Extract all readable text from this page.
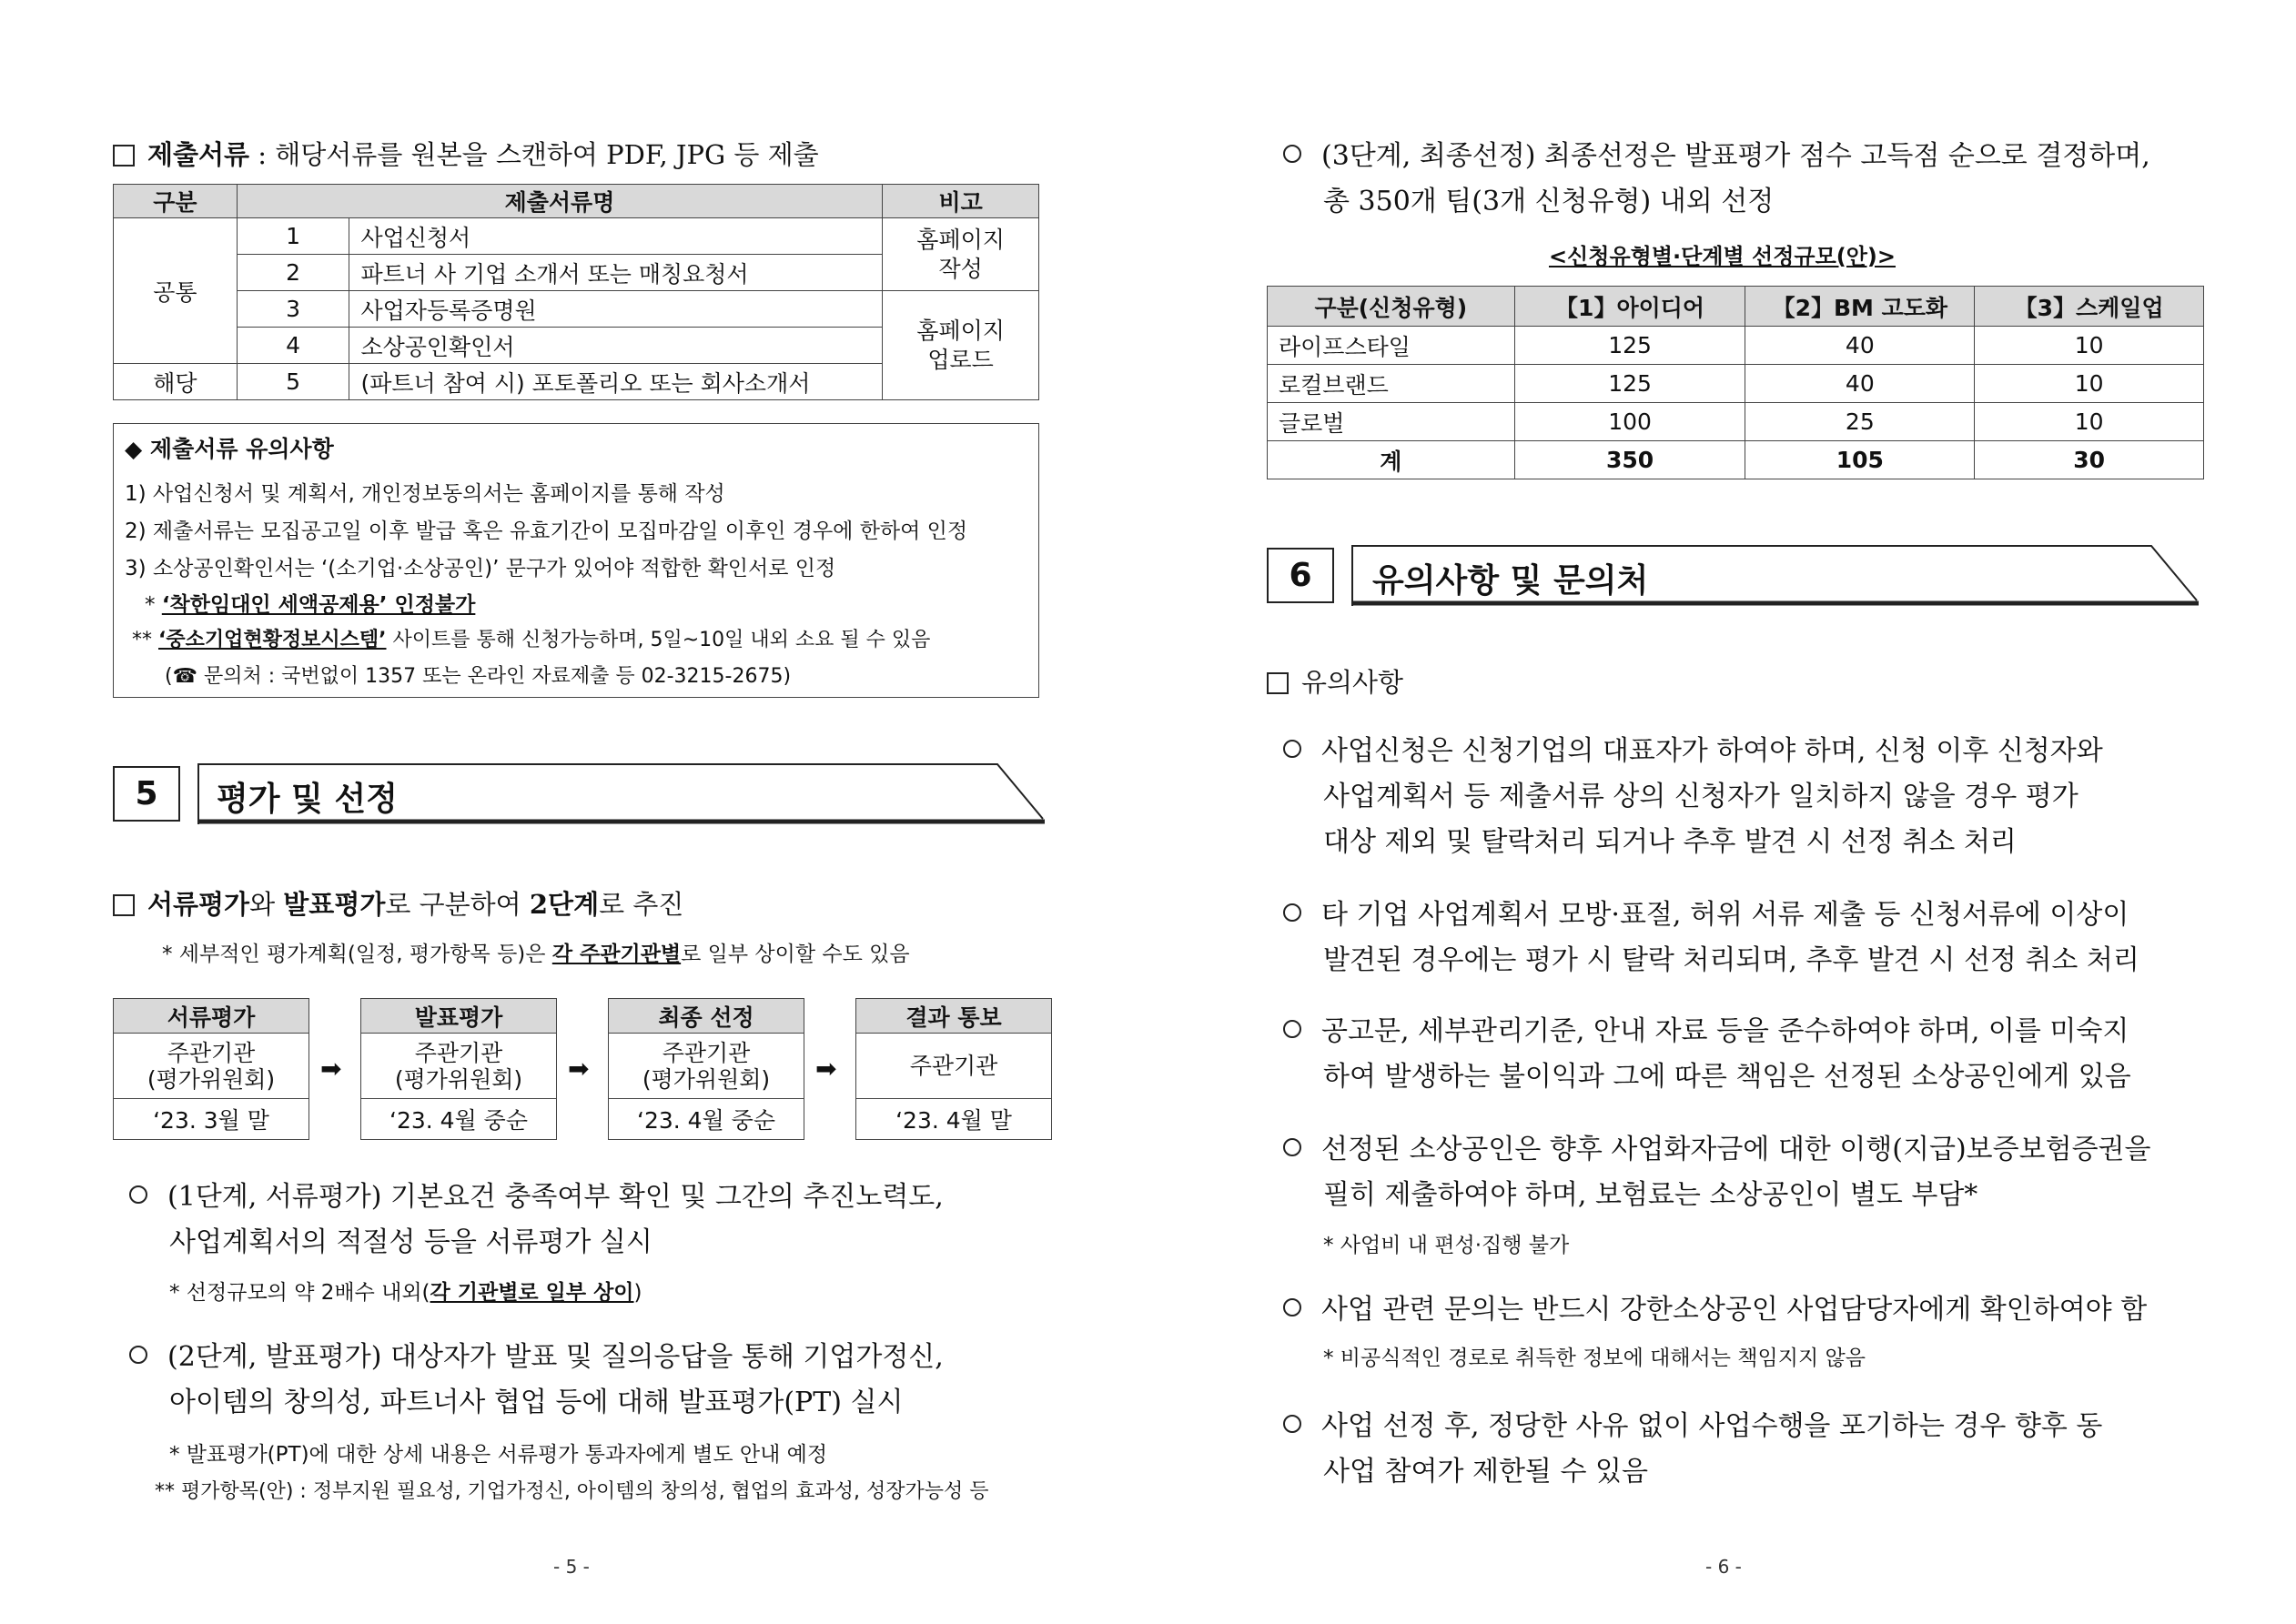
제출서류 : 해당서류를 원본을 스캔하여 PDF, JPG 등 제출
구분	제출서류명		비고
공통	1	사업신청서	홈페이지
작성
	2	파트너 사 기업 소개서 또는 매칭요청서	
	3	사업자등록증명원	홈페이지
업로드
	4	소상공인확인서	
해당	5	(파트너 참여 시) 포토폴리오 또는 회사소개서	
◆ 제출서류 유의사항
1) 사업신청서 및 계획서, 개인정보동의서는 홈페이지를 통해 작성
2) 제출서류는 모집공고일 이후 발급 혹은 유효기간이 모집마감일 이후인 경우에 한하여 인정
3) 소상공인확인서는 ‘(소기업·소상공인)’ 문구가 있어야 적합한 확인서로 인정
* ‘착한임대인 세액공제용’ 인정불가
** ‘중소기업현황정보시스템’ 사이트를 통해 신청가능하며, 5일~10일 내외 소요 될 수 있음
(☎ 문의처 : 국번없이 1357 또는 온라인 자료제출 등 02-3215-2675)
5	평가 및 선정
서류평가와 발표평가로 구분하여 2단계로 추진
* 세부적인 평가계획(일정, 평가항목 등)은 각 주관기관별로 일부 상이할 수도 있음
서류평가
주관기관
(평가위원회)
‘23. 3월 말
➡
발표평가
주관기관
(평가위원회)
‘23. 4월 중순
➡
최종 선정
주관기관
(평가위원회)
‘23. 4월 중순
➡
결과 통보
주관기관
‘23. 4월 말
(1단계, 서류평가) 기본요건 충족여부 확인 및 그간의 추진노력도,
사업계획서의 적절성 등을 서류평가 실시
* 선정규모의 약 2배수 내외(각 기관별로 일부 상이)
(2단계, 발표평가) 대상자가 발표 및 질의응답을 통해 기업가정신,
아이템의 창의성, 파트너사 협업 등에 대해 발표평가(PT) 실시
* 발표평가(PT)에 대한 상세 내용은 서류평가 통과자에게 별도 안내 예정
** 평가항목(안) : 정부지원 필요성, 기업가정신, 아이템의 창의성, 협업의 효과성, 성장가능성 등
- 5 -
(3단계, 최종선정) 최종선정은 발표평가 점수 고득점 순으로 결정하며,
총 350개 팀(3개 신청유형) 내외 선정
<신청유형별·단계별 선정규모(안)>
구분(신청유형)	【1】아이디어	【2】BM 고도화	【3】스케일업
라이프스타일	125	40	10
로컬브랜드	125	40	10
글로벌	100	25	10
계	350	105	30
6	유의사항 및 문의처
유의사항
사업신청은 신청기업의 대표자가 하여야 하며, 신청 이후 신청자와
사업계획서 등 제출서류 상의 신청자가 일치하지 않을 경우 평가
대상 제외 및 탈락처리 되거나 추후 발견 시 선정 취소 처리
타 기업 사업계획서 모방·표절, 허위 서류 제출 등 신청서류에 이상이
발견된 경우에는 평가 시 탈락 처리되며, 추후 발견 시 선정 취소 처리
공고문, 세부관리기준, 안내 자료 등을 준수하여야 하며, 이를 미숙지
하여 발생하는 불이익과 그에 따른 책임은 선정된 소상공인에게 있음
선정된 소상공인은 향후 사업화자금에 대한 이행(지급)보증보험증권을
필히 제출하여야 하며, 보험료는 소상공인이 별도 부담*
* 사업비 내 편성·집행 불가
사업 관련 문의는 반드시 강한소상공인 사업담당자에게 확인하여야 함
* 비공식적인 경로로 취득한 정보에 대해서는 책임지지 않음
사업 선정 후, 정당한 사유 없이 사업수행을 포기하는 경우 향후 동
사업 참여가 제한될 수 있음
- 6 -
